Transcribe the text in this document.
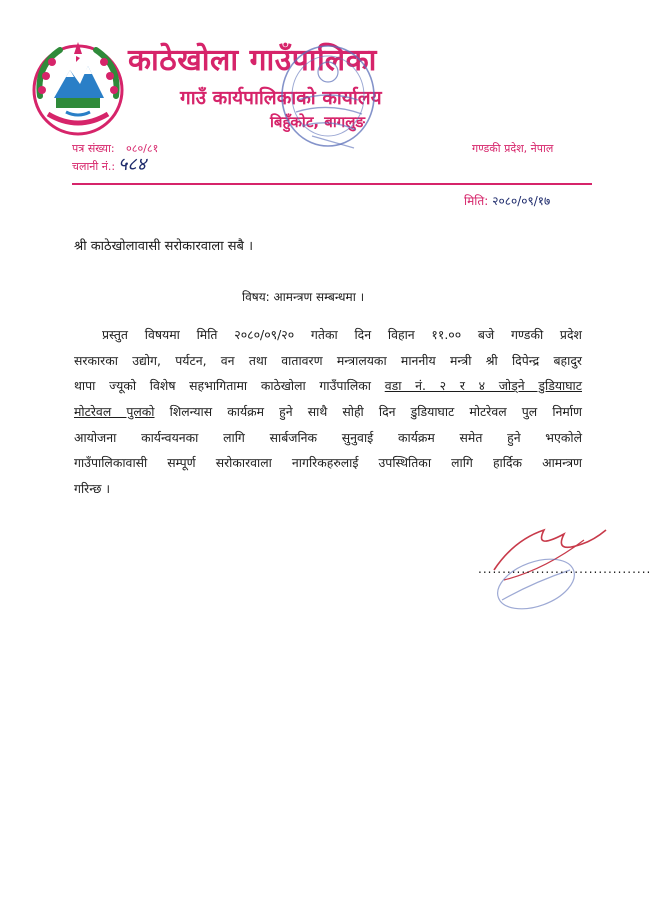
काठेखोला गाउँपालिका
गाउँ कार्यपालिकाको कार्यालय
बिहुँकोट, बागलुङ
पत्र संख्या: ०८०/८१
चलानी नं.: ५८४
गण्डकी प्रदेश, नेपाल
मिति: २०८०/०९/१७
श्री काठेखोलावासी सरोकारवाला सबै ।
विषय: आमन्त्रण सम्बन्धमा ।
प्रस्तुत विषयमा मिति २०८०/०९/२० गतेका दिन विहान ११.०० बजे गण्डकी प्रदेश
सरकारका उद्योग, पर्यटन, वन तथा वातावरण मन्त्रालयका माननीय मन्त्री श्री दिपेन्द्र बहादुर
थापा ज्यूको विशेष सहभागितामा काठेखोला गाउँपालिका वडा नं. २ र ४ जोड्ने डुडियाघाट
मोटरेवल पुलको शिलन्यास कार्यक्रम हुने साथै सोही दिन डुडियाघाट मोटरेवल पुल निर्माण
आयोजना कार्यन्वयनका लागि सार्बजनिक सुनुवाई कार्यक्रम समेत हुने भएकोले
गाउँपालिकावासी सम्पूर्ण सरोकारवाला नागरिकहरुलाई उपस्थितिका लागि हार्दिक आमन्त्रण
गरिन्छ ।
....................................
